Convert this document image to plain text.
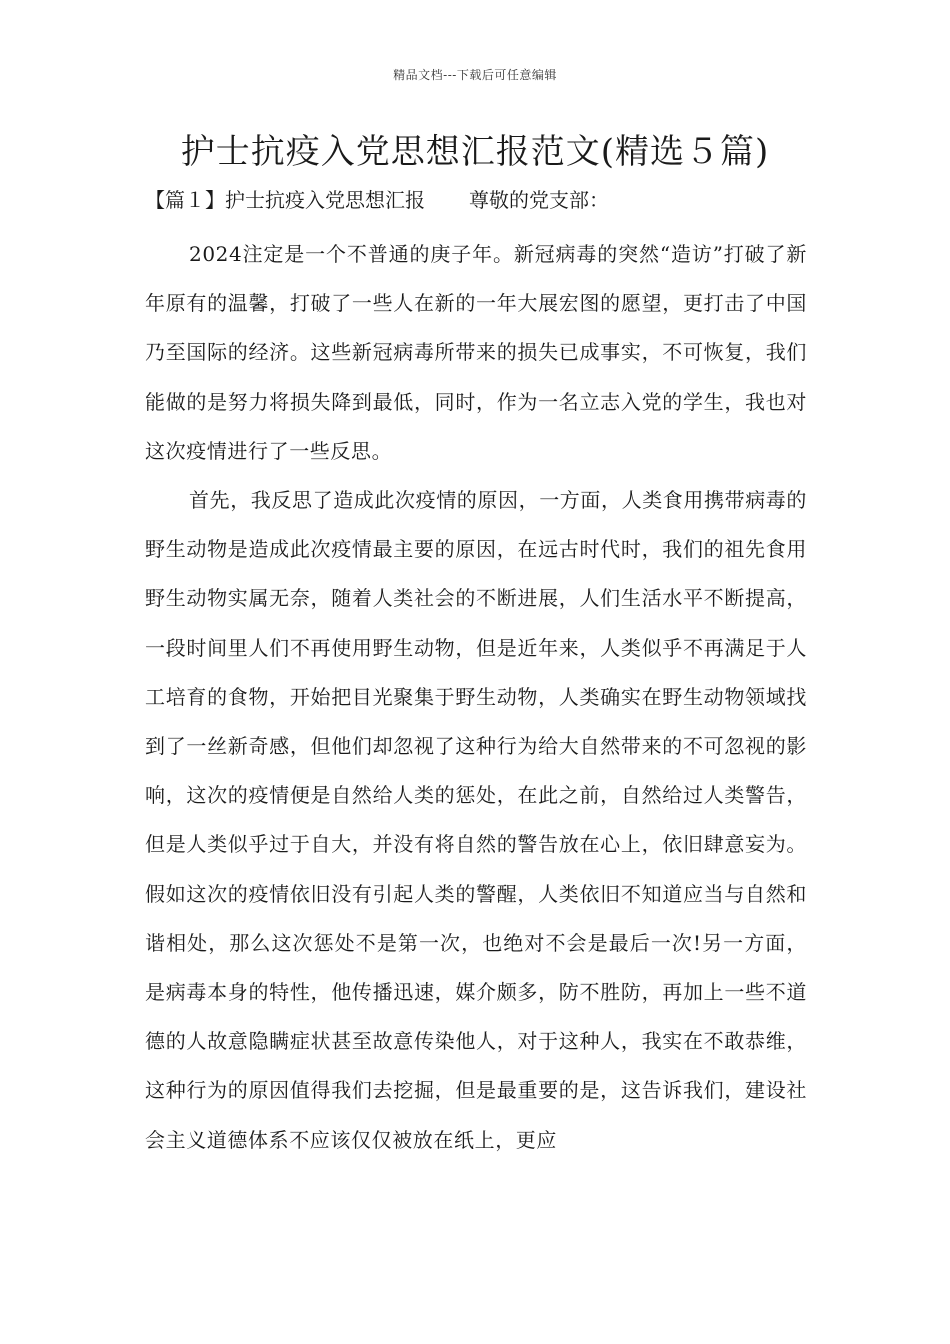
精品文档---下载后可任意编辑
护士抗疫入党思想汇报范文(精选５篇)
【篇１】护士抗疫入党思想汇报 尊敬的党支部：

2024注定是一个不普通的庚子年。新冠病毒的突然“造访”打破了新年原有的温馨，打破了一些人在新的一年大展宏图的愿望，更打击了中国乃至国际的经济。这些新冠病毒所带来的损失已成事实，不可恢复，我们能做的是努力将损失降到最低，同时，作为一名立志入党的学生，我也对这次疫情进行了一些反思。

首先，我反思了造成此次疫情的原因，一方面，人类食用携带病毒的野生动物是造成此次疫情最主要的原因，在远古时代时，我们的祖先食用野生动物实属无奈，随着人类社会的不断进展，人们生活水平不断提高，一段时间里人们不再使用野生动物，但是近年来，人类似乎不再满足于人工培育的食物，开始把目光聚集于野生动物，人类确实在野生动物领域找到了一丝新奇感，但他们却忽视了这种行为给大自然带来的不可忽视的影响，这次的疫情便是自然给人类的惩处，在此之前，自然给过人类警告，但是人类似乎过于自大，并没有将自然的警告放在心上，依旧肆意妄为。假如这次的疫情依旧没有引起人类的警醒，人类依旧不知道应当与自然和谐相处，那么这次惩处不是第一次，也绝对不会是最后一次!另一方面，是病毒本身的特性，他传播迅速，媒介颇多，防不胜防，再加上一些不道德的人故意隐瞒症状甚至故意传染他人，对于这种人，我实在不敢恭维，这种行为的原因值得我们去挖掘，但是最重要的是，这告诉我们，建设社会主义道德体系不应该仅仅被放在纸上，更应
